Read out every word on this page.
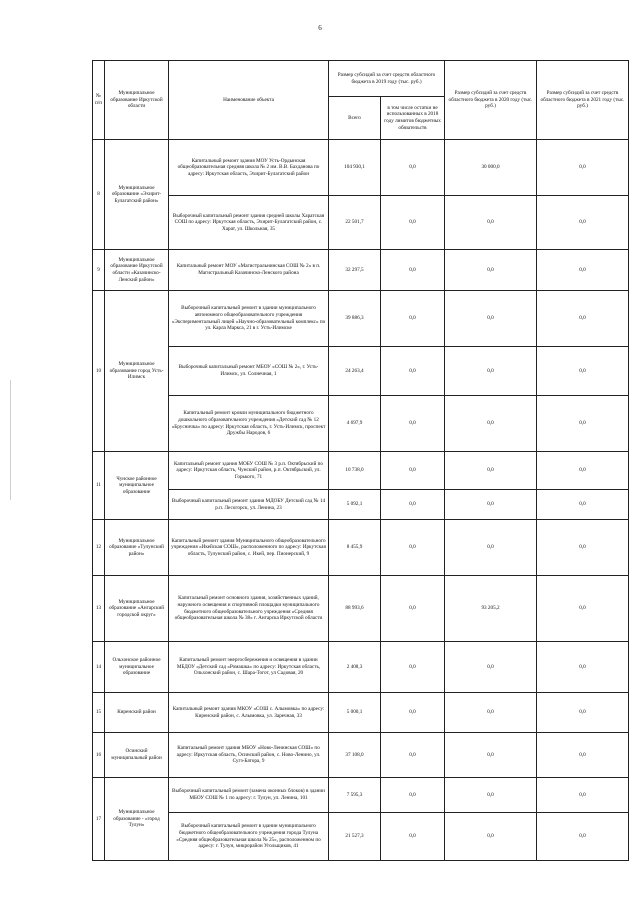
6
№ п/п	Муниципальное образование Иркутской области	Наименование объекта	Размер субсидий за счет средств областного бюджета в 2019 году (тыс. руб.)		Размер субсидий за счет средств областного бюджета в 2020 году (тыс. руб.)	Размер субсидий за счет средств областного бюджета в 2021 году (тыс. руб.)
			Всего	в том числе остатки не использованных в 2018 году лимитов бюджетных обязательств		
8	Муниципальное образование «Эхирит-Булагатский район»	Капитальный ремонт здания МОУ Усть-Ордынская общеобразовательная средняя школа № 2 им. В.В. Бахданова по адресу: Иркутская область, Эхирит-Булагатский район	104 930,1	0,0	30 000,0	0,0
		Выборочный капитальный ремонт здания средней школы Харатская СОШ по адресу: Иркутская область, Эхирит-Булагатский район, с. Харат, ул. Школьная, 35	22 501,7	0,0	0,0	0,0
9	Муниципальное образование Иркутской области «Казачинско-Ленский район»	Капитальный ремонт МОУ «Магистральнинская СОШ № 2» в п. Магистральный Казачинско-Ленского района	32 297,5	0,0	0,0	0,0
10	Муниципальное образование город Усть-Илимск	Выборочный капитальный ремонт в здании муниципального автономного общеобразовательного учреждения «Экспериментальный лицей «Научно-образовательный комплекс» по ул. Карла Маркса, 21 в г. Усть-Илимске	39 886,3	0,0	0,0	0,0
		Выборочный капитальный ремонт МБОУ «СОШ № 2», г. Усть-Илимск, ул. Солнечная, 1	24 263,4	0,0	0,0	0,0
		Капитальный ремонт кровли муниципального бюджетного дошкольного образовательного учреждения «Детский сад № 12 «Брусничка» по адресу: Иркутская область, г. Усть-Илимск, проспект Дружбы Народов, 6	4 697,9	0,0	0,0	0,0
11	Чунское районное муниципальное образование	Капитальный ремонт здания МОБУ СОШ № 3 р.п. Октябрьский по адресу: Иркутская область, Чунский район, р.п. Октябрьский, ул. Горького, 71	10 738,0	0,0	0,0	0,0
		Выборочный капитальный ремонт здания МДОБУ Детский сад № 14 р.п. Лесогорск, ул. Ленина, 23	5 092,1	0,0	0,0	0,0
12	Муниципальное образование «Тулунский район»	Капитальный ремонт здания Муниципального общеобразовательного учреждения «Икейская СОШ», расположенного по адресу: Иркутская область, Тулунский район, с. Икей, пер. Пионерский, 9	8 455,9	0,0	0,0	0,0
13	Муниципальное образование «Ангарский городской округ»	Капитальный ремонт основного здания, хозяйственных зданий, наружного освещения и спортивной площадки муниципального бюджетного общеобразовательного учреждения «Средняя общеобразовательная школа № 38» г. Ангарска Иркутской области	88 993,6	0,0	93 205,2	0,0
14	Ольхонское районное муниципальное образование	Капитальный ремонт энергосбережения и освещения в здании МБДОУ «Детский сад «Ромашка» по адресу: Иркутская область, Ольхонский район, с. Шара-Тогот, ул Садовая, 20	2 408,3	0,0	0,0	0,0
15	Киренский район	Капитальный ремонт здания МКОУ «СОШ с. Алымовка» по адресу: Киренский район, с. Алымовка, ул. Заречная, 33	5 000,1	0,0	0,0	0,0
16	Осинский муниципальный район	Капитальный ремонт здания МБОУ «Ново-Ленинская СОШ» по адресу: Иркутская область, Осинский район, с. Ново-Ленино, ул. Сугз-Батора, 9	37 108,0	0,0	0,0	0,0
17	Муниципальное образование - «город Тулун»	Выборочный капитальный ремонт (замена оконных блоков) в здании МБОУ СОШ № 1 по адресу: г. Тулун, ул. Ленина, 101	7 595,3	0,0	0,0	0,0
		Выборочный капитальный ремонт в здании муниципального бюджетного общеобразовательного учреждения города Тулуна «Средняя общеобразовательная школа № 25», расположенном по адресу: г. Тулун, микрорайон Угольщиков, 41	21 527,3	0,0	0,0	0,0
